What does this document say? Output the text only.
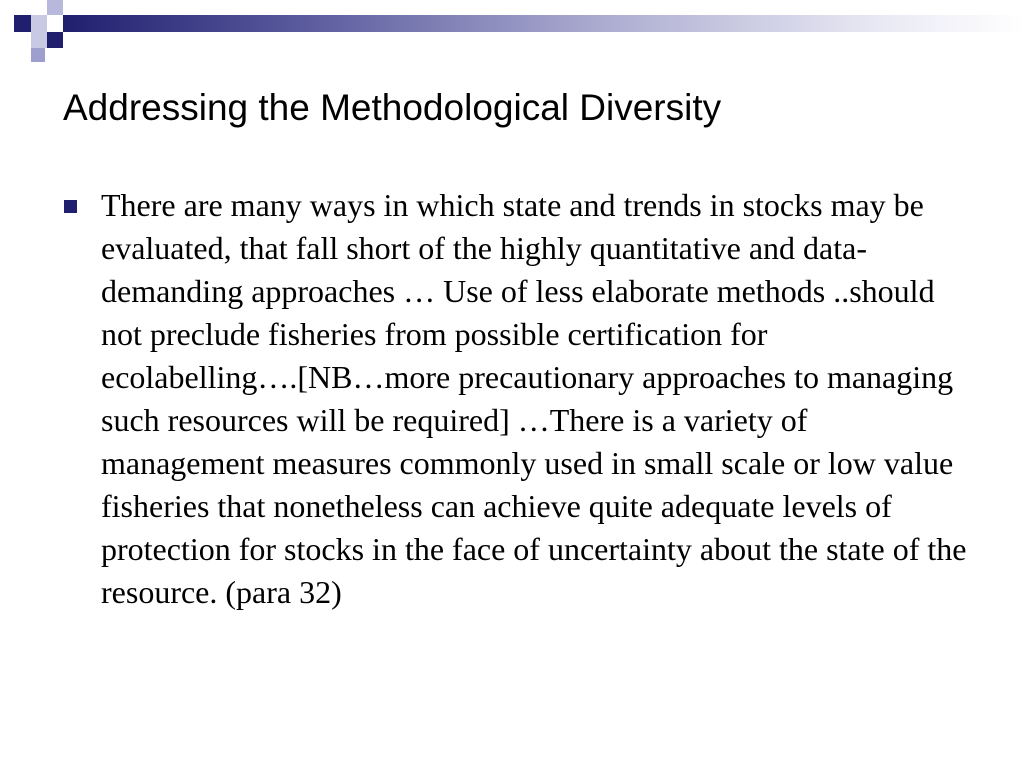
Addressing the Methodological Diversity
There are many ways in which state and trends in stocks may be evaluated, that fall short of the highly quantitative and data-demanding approaches … Use of less elaborate methods ..should not preclude fisheries from possible certification for ecolabelling….[NB…more precautionary approaches to managing such resources will be required] …There is a variety of management measures commonly used in small scale or low value fisheries that nonetheless can achieve quite adequate levels of protection for stocks in the face of uncertainty about the state of the resource. (para 32)
